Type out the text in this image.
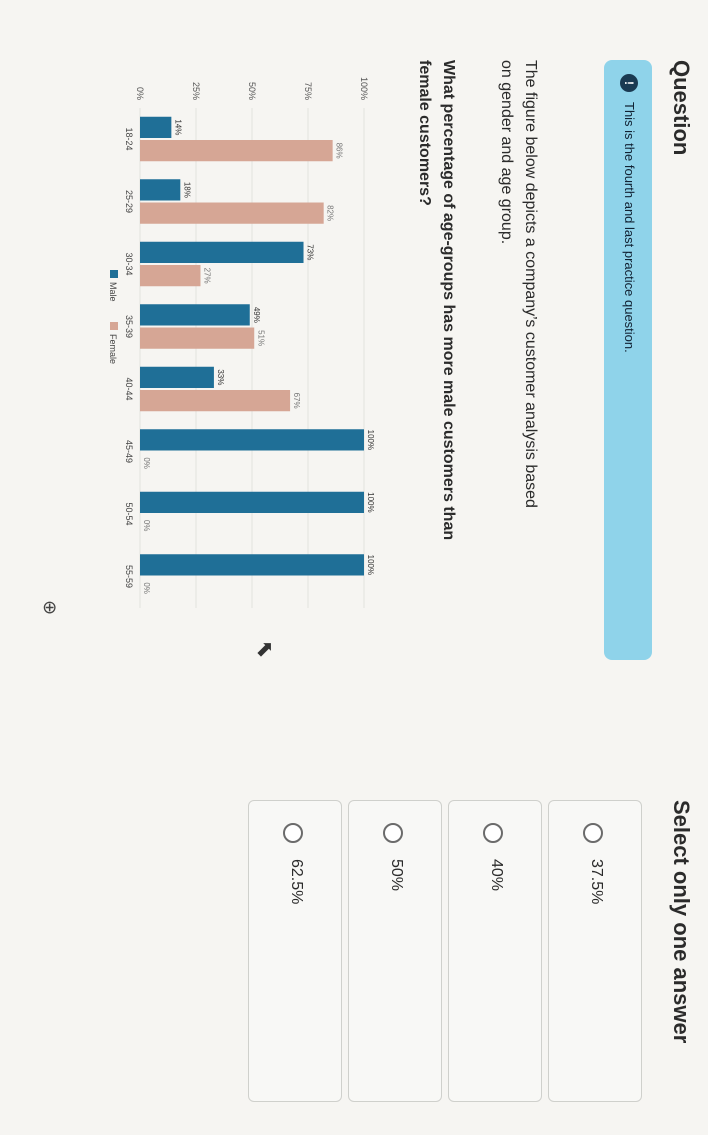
Question
Select only one answer
!
This is the fourth and last practice question.
The figure below depicts a company’s customer analysis based
on gender and age group.
What percentage of age-groups has more male customers than
female customers?
0%	25%	50%	75%	100%
14%
86%
18-24
18%
82%
25-29
73%
27%
30-34
49%
51%
35-39
33%
67%
40-44
100%
0%
45-49
100%
0%
50-54
100%
0%
55-59
Male
Female
⬉
⊕
37.5%
40%
50%
62.5%
